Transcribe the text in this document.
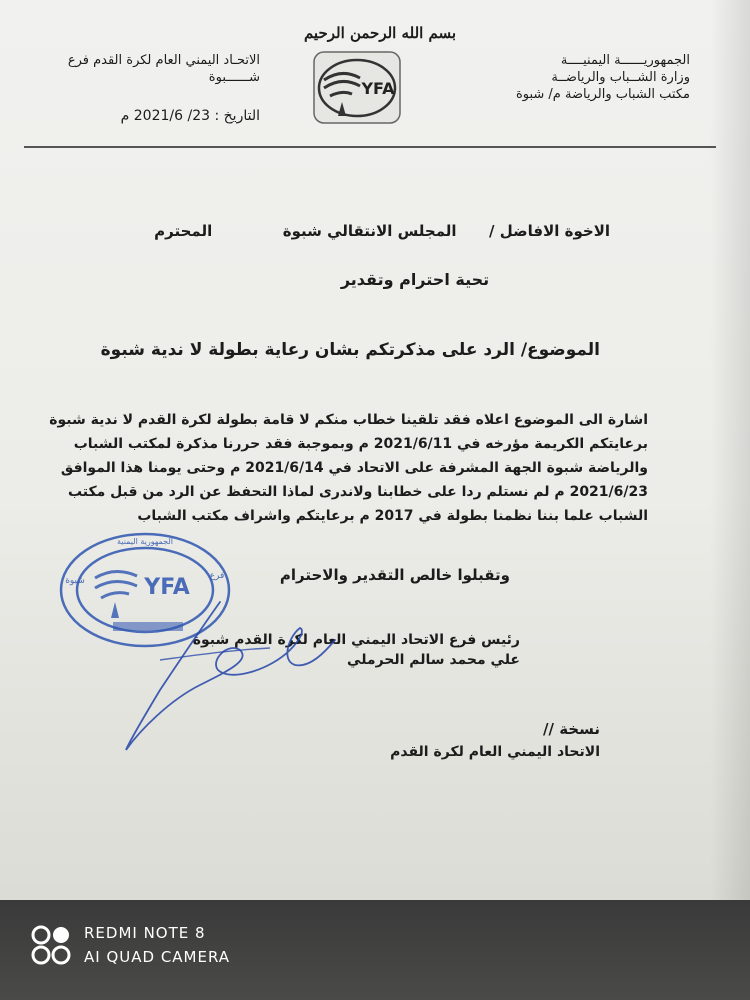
بسم الله الرحمن الرحيم
الاتحـاد اليمني العام لكرة القدم فرع
شــــــبوة
التاريخ : 23/ 2021/6 م
الجمهوريــــــة اليمنيــــة
وزارة الشــباب والرياضــة
مكتب الشباب والرياضة م/ شبوة
YFA
الاخوة الافاضل /  المجلس الانتقالي شبوة  المحترم
تحية احترام وتقدير
الموضوع/ الرد على مذكرتكم بشان رعاية بطولة لا ندية شبوة
اشارة الى الموضوع اعلاه فقد تلقينا خطاب منكم لا قامة بطولة لكرة القدم لا ندية شبوة
برعايتكم الكريمة مؤرخه في 2021/6/11 م وبموجبة فقد حررنا مذكرة لمكتب الشباب
والرياضة شبوة الجهة المشرفة على الاتحاد في 2021/6/14 م وحتى يومنا هذا الموافق
2021/6/23 م لم نستلم ردا على خطابنا ولاندرى لماذا التحفظ عن الرد من قبل مكتب
الشباب علما بننا نظمنا بطولة في 2017 م برعايتكم واشراف مكتب الشباب
وتقبلوا خالص التقدير والاحترام
YFA
الجمهورية اليمنية
شبوة	فرع
رئيس فرع الاتحاد اليمني العام لكرة القدم شبوة
علي محمد سالم الحرملي
نسخة //
الاتحاد اليمني العام لكرة القدم
REDMI NOTE 8
AI QUAD CAMERA
